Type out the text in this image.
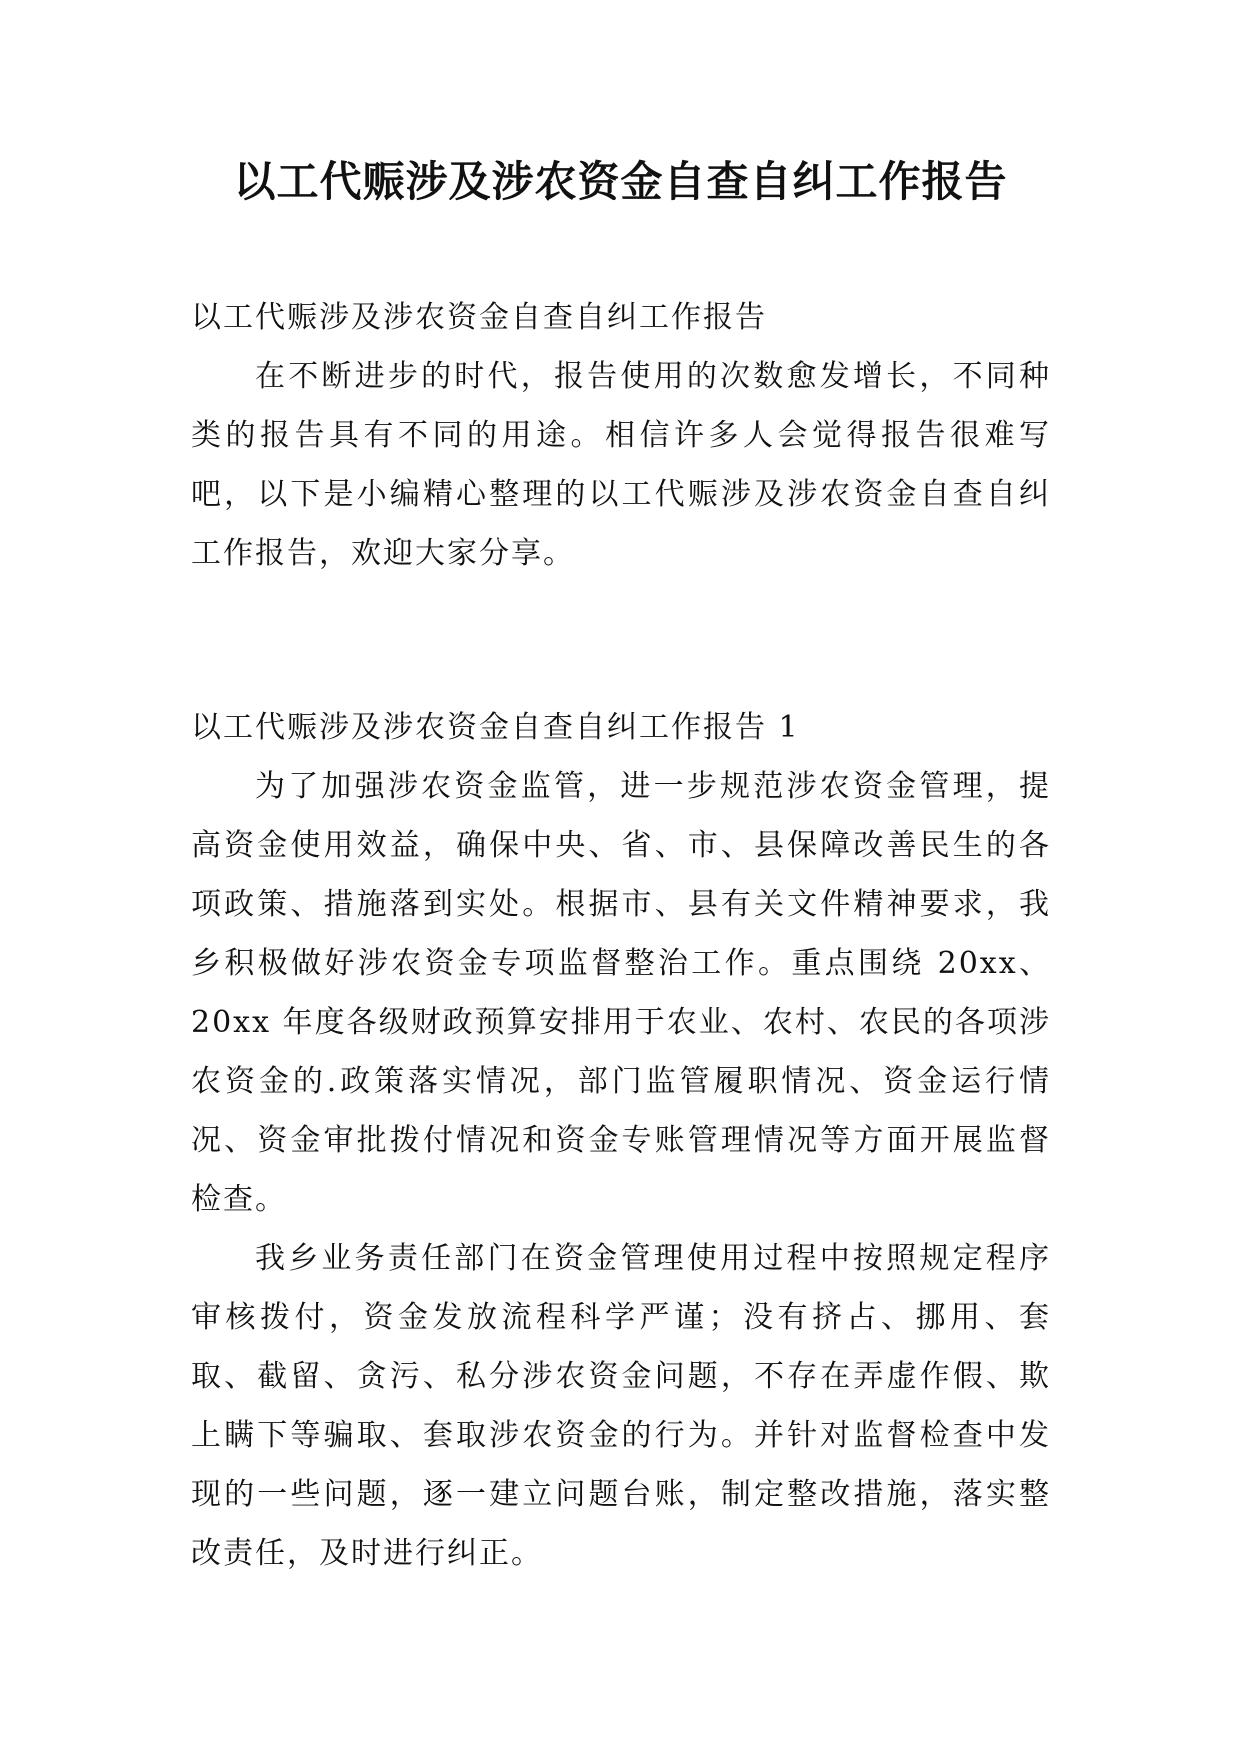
以工代赈涉及涉农资金自查自纠工作报告

以工代赈涉及涉农资金自查自纠工作报告

在不断进步的时代，报告使用的次数愈发增长，不同种类的报告具有不同的用途。相信许多人会觉得报告很难写吧，以下是小编精心整理的以工代赈涉及涉农资金自查自纠工作报告，欢迎大家分享。

以工代赈涉及涉农资金自查自纠工作报告 1

为了加强涉农资金监管，进一步规范涉农资金管理，提高资金使用效益，确保中央、省、市、县保障改善民生的各项政策、措施落到实处。根据市、县有关文件精神要求，我乡积极做好涉农资金专项监督整治工作。重点围绕 20xx、20xx 年度各级财政预算安排用于农业、农村、农民的各项涉农资金的.政策落实情况，部门监管履职情况、资金运行情况、资金审批拨付情况和资金专账管理情况等方面开展监督检查。

我乡业务责任部门在资金管理使用过程中按照规定程序审核拨付，资金发放流程科学严谨；没有挤占、挪用、套取、截留、贪污、私分涉农资金问题，不存在弄虚作假、欺上瞒下等骗取、套取涉农资金的行为。并针对监督检查中发现的一些问题，逐一建立问题台账，制定整改措施，落实整改责任，及时进行纠正。
